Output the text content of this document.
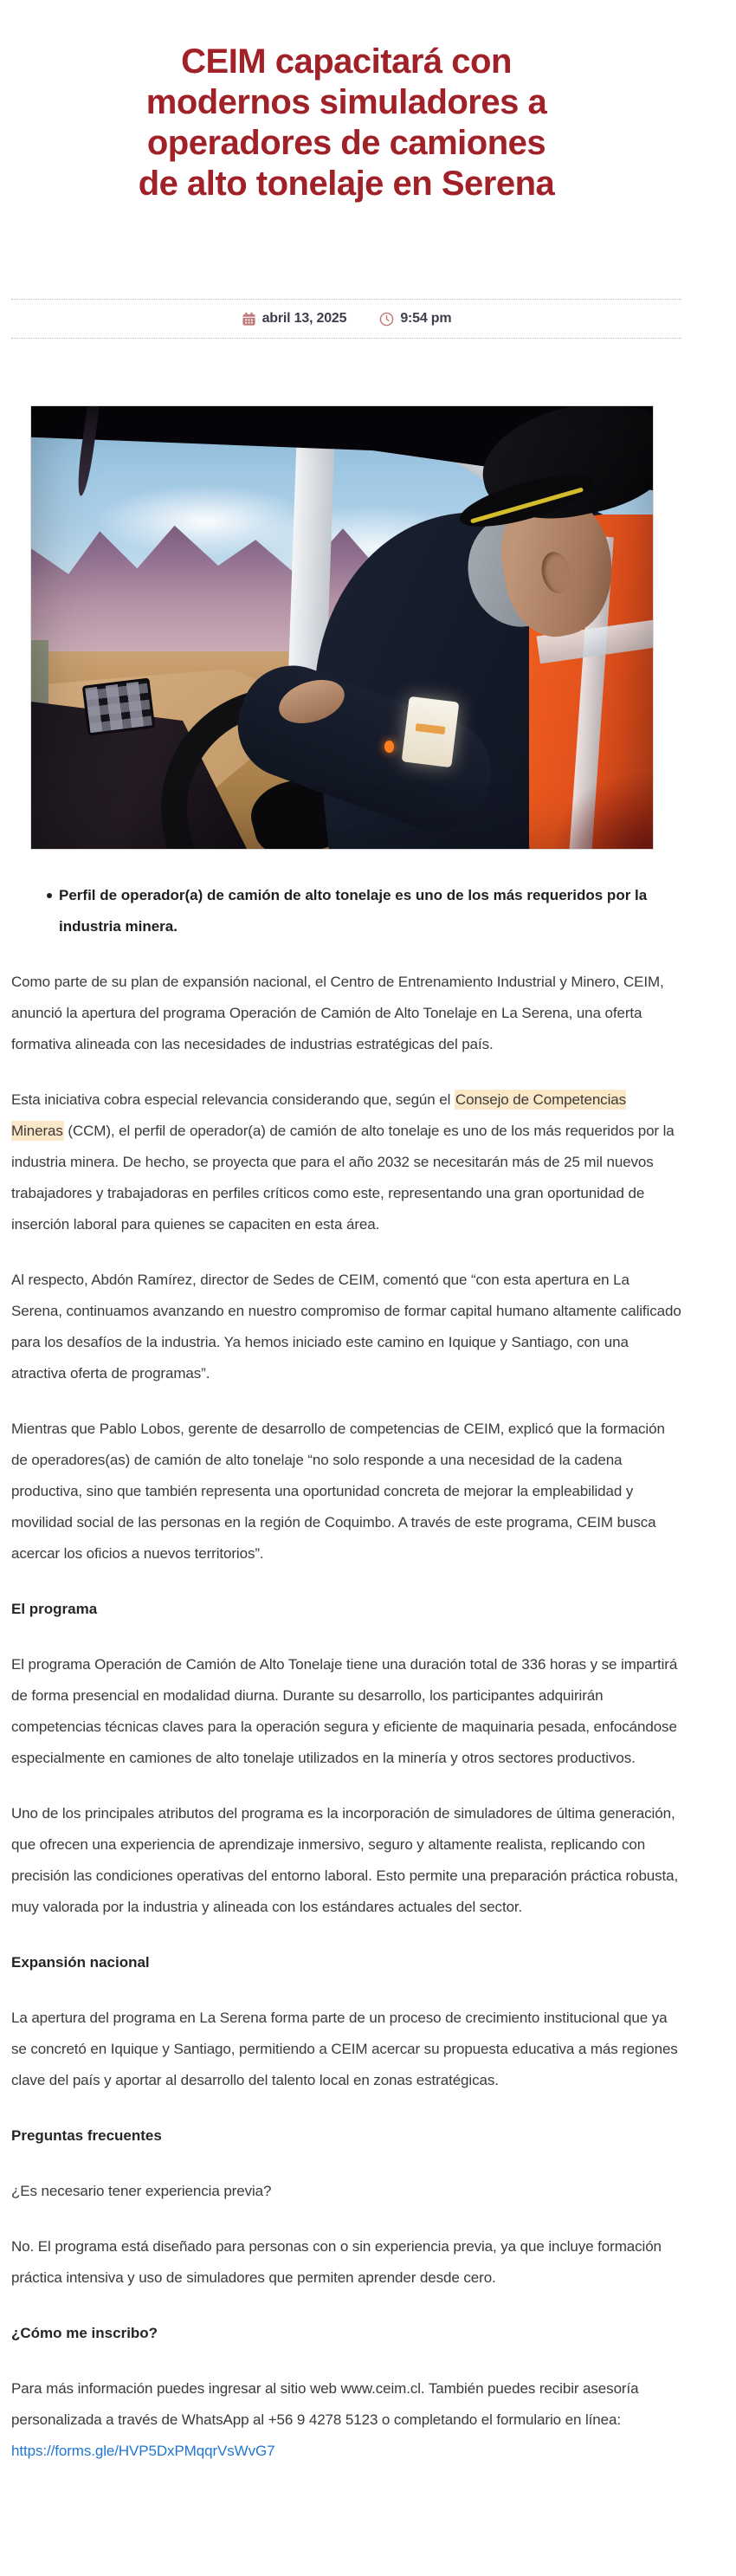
CEIM capacitará con modernos simuladores a operadores de camiones de alto tonelaje en Serena
abril 13, 2025	9:54 pm
Perfil de operador(a) de camión de alto tonelaje es uno de los más requeridos por la industria minera.

Como parte de su plan de expansión nacional, el Centro de Entrenamiento Industrial y Minero, CEIM, anunció la apertura del programa Operación de Camión de Alto Tonelaje en La Serena, una oferta formativa alineada con las necesidades de industrias estratégicas del país.

Esta iniciativa cobra especial relevancia considerando que, según el Consejo de Competencias Mineras (CCM), el perfil de operador(a) de camión de alto tonelaje es uno de los más requeridos por la industria minera. De hecho, se proyecta que para el año 2032 se necesitarán más de 25 mil nuevos trabajadores y trabajadoras en perfiles críticos como este, representando una gran oportunidad de inserción laboral para quienes se capaciten en esta área.

Al respecto, Abdón Ramírez, director de Sedes de CEIM, comentó que “con esta apertura en La Serena, continuamos avanzando en nuestro compromiso de formar capital humano altamente calificado para los desafíos de la industria. Ya hemos iniciado este camino en Iquique y Santiago, con una atractiva oferta de programas”.

Mientras que Pablo Lobos, gerente de desarrollo de competencias de CEIM, explicó que la formación de operadores(as) de camión de alto tonelaje “no solo responde a una necesidad de la cadena productiva, sino que también representa una oportunidad concreta de mejorar la empleabilidad y movilidad social de las personas en la región de Coquimbo. A través de este programa, CEIM busca acercar los oficios a nuevos territorios”.

El programa

El programa Operación de Camión de Alto Tonelaje tiene una duración total de 336 horas y se impartirá de forma presencial en modalidad diurna. Durante su desarrollo, los participantes adquirirán competencias técnicas claves para la operación segura y eficiente de maquinaria pesada, enfocándose especialmente en camiones de alto tonelaje utilizados en la minería y otros sectores productivos.

Uno de los principales atributos del programa es la incorporación de simuladores de última generación, que ofrecen una experiencia de aprendizaje inmersivo, seguro y altamente realista, replicando con precisión las condiciones operativas del entorno laboral. Esto permite una preparación práctica robusta, muy valorada por la industria y alineada con los estándares actuales del sector.

Expansión nacional

La apertura del programa en La Serena forma parte de un proceso de crecimiento institucional que ya se concretó en Iquique y Santiago, permitiendo a CEIM acercar su propuesta educativa a más regiones clave del país y aportar al desarrollo del talento local en zonas estratégicas.

Preguntas frecuentes

¿Es necesario tener experiencia previa?

No. El programa está diseñado para personas con o sin experiencia previa, ya que incluye formación práctica intensiva y uso de simuladores que permiten aprender desde cero.

¿Cómo me inscribo?

Para más información puedes ingresar al sitio web www.ceim.cl. También puedes recibir asesoría personalizada a través de WhatsApp al +56 9 4278 5123 o completando el formulario en línea: https://forms.gle/HVP5DxPMqqrVsWvG7
